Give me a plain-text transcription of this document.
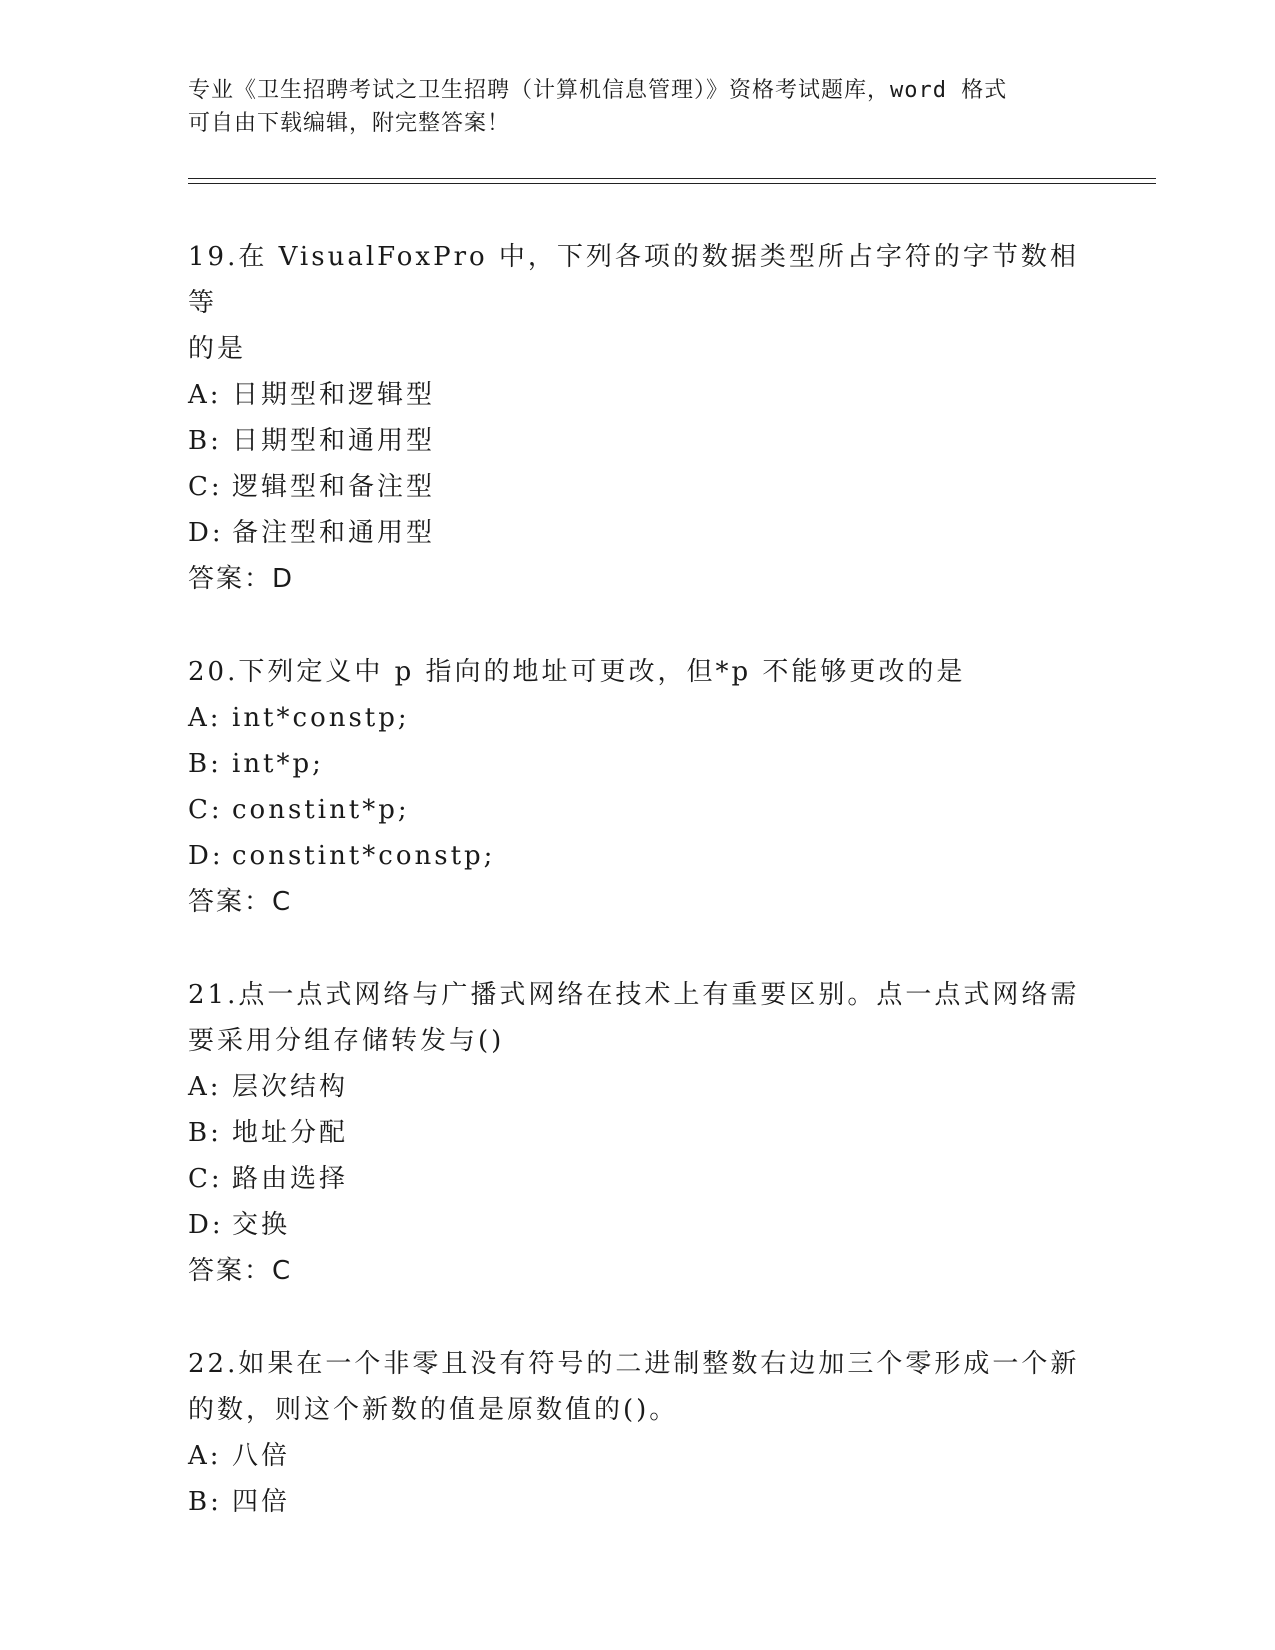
专业《卫生招聘考试之卫生招聘（计算机信息管理）》资格考试题库，word 格式
可自由下载编辑，附完整答案！

19.在 VisualFoxPro 中，下列各项的数据类型所占字符的字节数相等
的是

A: 日期型和逻辑型
B: 日期型和通用型
C: 逻辑型和备注型
D: 备注型和通用型
答案：D

20.下列定义中 p 指向的地址可更改，但*p 不能够更改的是

A: int*constp;
B: int*p;
C: constint*p;
D: constint*constp;
答案：C

21.点一点式网络与广播式网络在技术上有重要区别。点一点式网络需
要采用分组存储转发与()

A: 层次结构
B: 地址分配
C: 路由选择
D: 交换
答案：C

22.如果在一个非零且没有符号的二进制整数右边加三个零形成一个新
的数，则这个新数的值是原数值的()。

A: 八倍
B: 四倍
